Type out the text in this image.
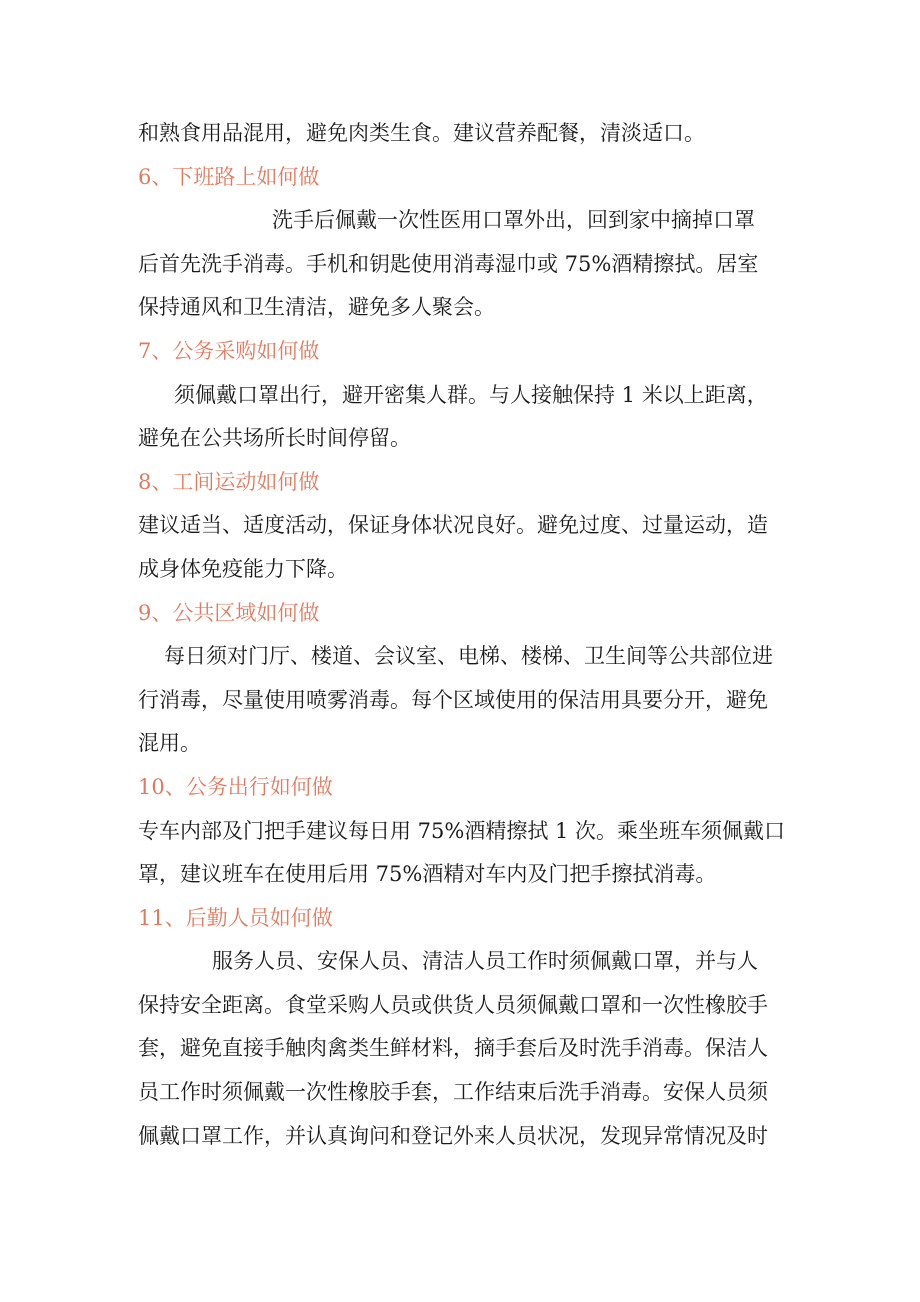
和熟食用品混用，避免肉类生食。建议营养配餐，清淡适口。
6、下班路上如何做
洗手后佩戴一次性医用口罩外出，回到家中摘掉口罩
后首先洗手消毒。手机和钥匙使用消毒湿巾或 75%酒精擦拭。居室
保持通风和卫生清洁，避免多人聚会。
7、公务采购如何做
须佩戴口罩出行，避开密集人群。与人接触保持 1 米以上距离，
避免在公共场所长时间停留。
8、工间运动如何做
建议适当、适度活动，保证身体状况良好。避免过度、过量运动，造
成身体免疫能力下降。
9、公共区域如何做
每日须对门厅、楼道、会议室、电梯、楼梯、卫生间等公共部位进
行消毒，尽量使用喷雾消毒。每个区域使用的保洁用具要分开，避免
混用。
10、公务出行如何做
专车内部及门把手建议每日用 75%酒精擦拭 1 次。乘坐班车须佩戴口
罩，建议班车在使用后用 75%酒精对车内及门把手擦拭消毒。
11、后勤人员如何做
服务人员、安保人员、清洁人员工作时须佩戴口罩，并与人
保持安全距离。食堂采购人员或供货人员须佩戴口罩和一次性橡胶手
套，避免直接手触肉禽类生鲜材料，摘手套后及时洗手消毒。保洁人
员工作时须佩戴一次性橡胶手套，工作结束后洗手消毒。安保人员须
佩戴口罩工作，并认真询问和登记外来人员状况，发现异常情况及时
